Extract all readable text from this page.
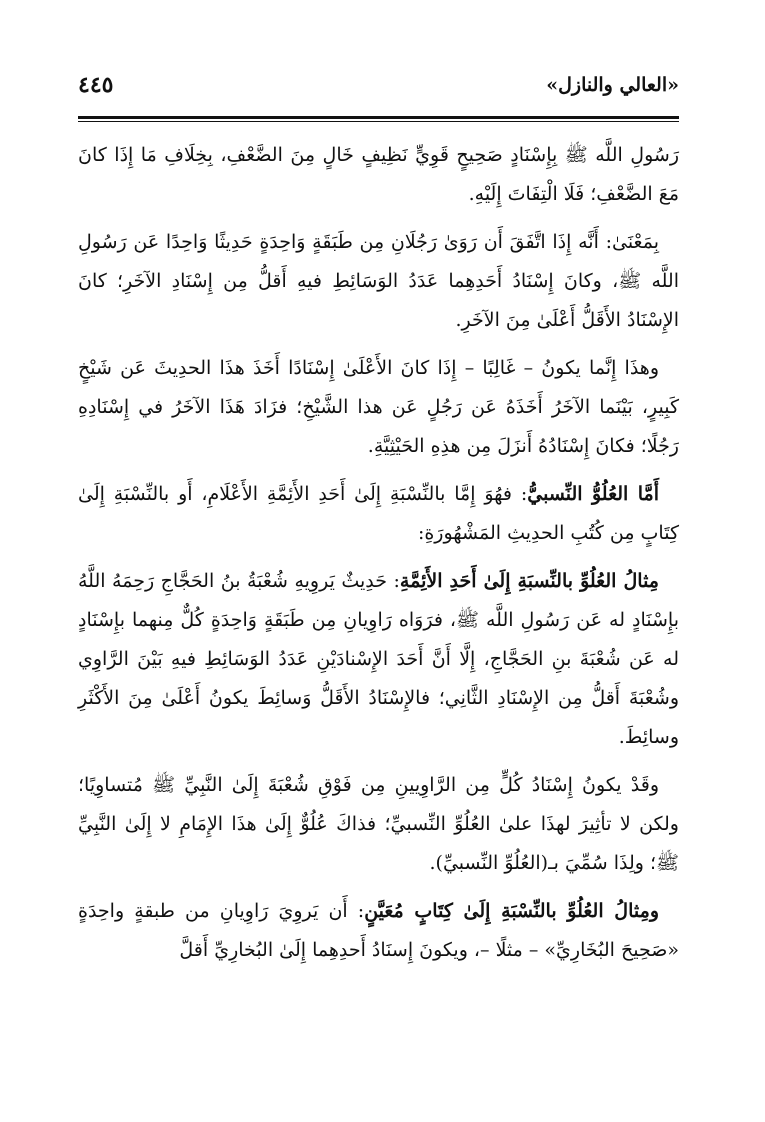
«العالي والنازل»
٤٤٥

رَسُولِ اللَّه ﷺ بِإِسْنَادٍ صَحِيحٍ قَوِيٍّ نَظِيفٍ خَالٍ مِنَ الضَّعْفِ، بِخِلَافِ مَا إِذَا كانَ مَعَ الضَّعْفِ؛ فَلَا الْتِفَاتَ إِلَيْهِ.

بِمَعْنَىٰ: أَنَّه إِذَا اتَّفَقَ أَن رَوَىٰ رَجُلَانِ مِن طَبَقَةٍ وَاحِدَةٍ حَدِيثًا وَاحِدًا عَن رَسُولِ اللَّه ﷺ، وكانَ إِسْنَادُ أَحَدِهِما عَدَدُ الوَسَائِطِ فيهِ أَقلُّ مِن إِسْنَادِ الآخَرِ؛ كانَ الإِسْنَادُ الأَقَلُّ أَعْلَىٰ مِنَ الآخَرِ.

وهذَا إِنَّما يكونُ – غَالِبًا – إِذَا كانَ الأَعْلَىٰ إِسْنَادًا أَخَذَ هذَا الحدِيثَ عَن شَيْخٍ كَبِيرٍ، بَيْنَما الآخَرُ أَخَذَهُ عَن رَجُلٍ عَن هذا الشَّيْخِ؛ فزَادَ هَذَا الآخَرُ في إِسْنَادِهِ رَجُلًا؛ فكانَ إِسْنَادُهُ أَنزَلَ مِن هذِهِ الحَيْثِيَّةِ.

أَمَّا العُلُوُّ النِّسبيُّ: فهُوَ إِمَّا بالنِّسْبَةِ إِلَىٰ أَحَدِ الأَئِمَّةِ الأَعْلَامِ، أَو بالنِّسْبَةِ إِلَىٰ كِتَابٍ مِن كُتُبِ الحدِيثِ المَشْهُورَةِ:

مِثالُ العُلُوِّ بالنِّسبَةِ إِلَىٰ أَحَدِ الأَئِمَّةِ: حَدِيثٌ يَروِيهِ شُعْبَةُ بنُ الحَجَّاجِ رَحِمَهُ اللَّهُ بإِسْنَادٍ له عَن رَسُولِ اللَّه ﷺ، فرَوَاه رَاوِيانِ مِن طَبَقَةٍ وَاحِدَةٍ كُلٌّ مِنهما بإِسْنَادٍ له عَن شُعْبَةَ بنِ الحَجَّاجِ، إِلَّا أَنَّ أَحَدَ الإِسْنادَيْنِ عَدَدُ الوَسَائِطِ فيهِ بَيْنَ الرَّاوِي وشُعْبَةَ أَقلُّ مِن الإِسْنَادِ الثَّانِي؛ فالإِسْنَادُ الأَقَلُّ وَسائِطَ يكونُ أَعْلَىٰ مِنَ الأَكْثَرِ وسائِطَ.

وقَدْ يكونُ إِسْنَادُ كُلٍّ مِن الرَّاوِيينِ مِن فَوْقِ شُعْبَةَ إِلَىٰ النَّبِيِّ ﷺ مُتساوِيًا؛ ولكن لا تأثِيرَ لهذَا علىٰ العُلُوِّ النِّسبيِّ؛ فذاكَ عُلُوٌّ إِلَىٰ هذَا الإِمَامِ لا إِلَىٰ النَّبِيِّ ﷺ؛ ولِذَا سُمِّيَ بـ(العُلُوِّ النِّسبيِّ).

ومِثالُ العُلُوِّ بالنِّسْبَةِ إِلَىٰ كِتَابٍ مُعَيَّنٍ: أَن يَروِيَ رَاوِيانِ من طبقةٍ واحِدَةٍ «صَحِيحَ البُخَارِيِّ» – مثلًا –، ويكونَ إِسنَادُ أَحدِهِما إِلَىٰ البُخارِيِّ أَقلَّ
